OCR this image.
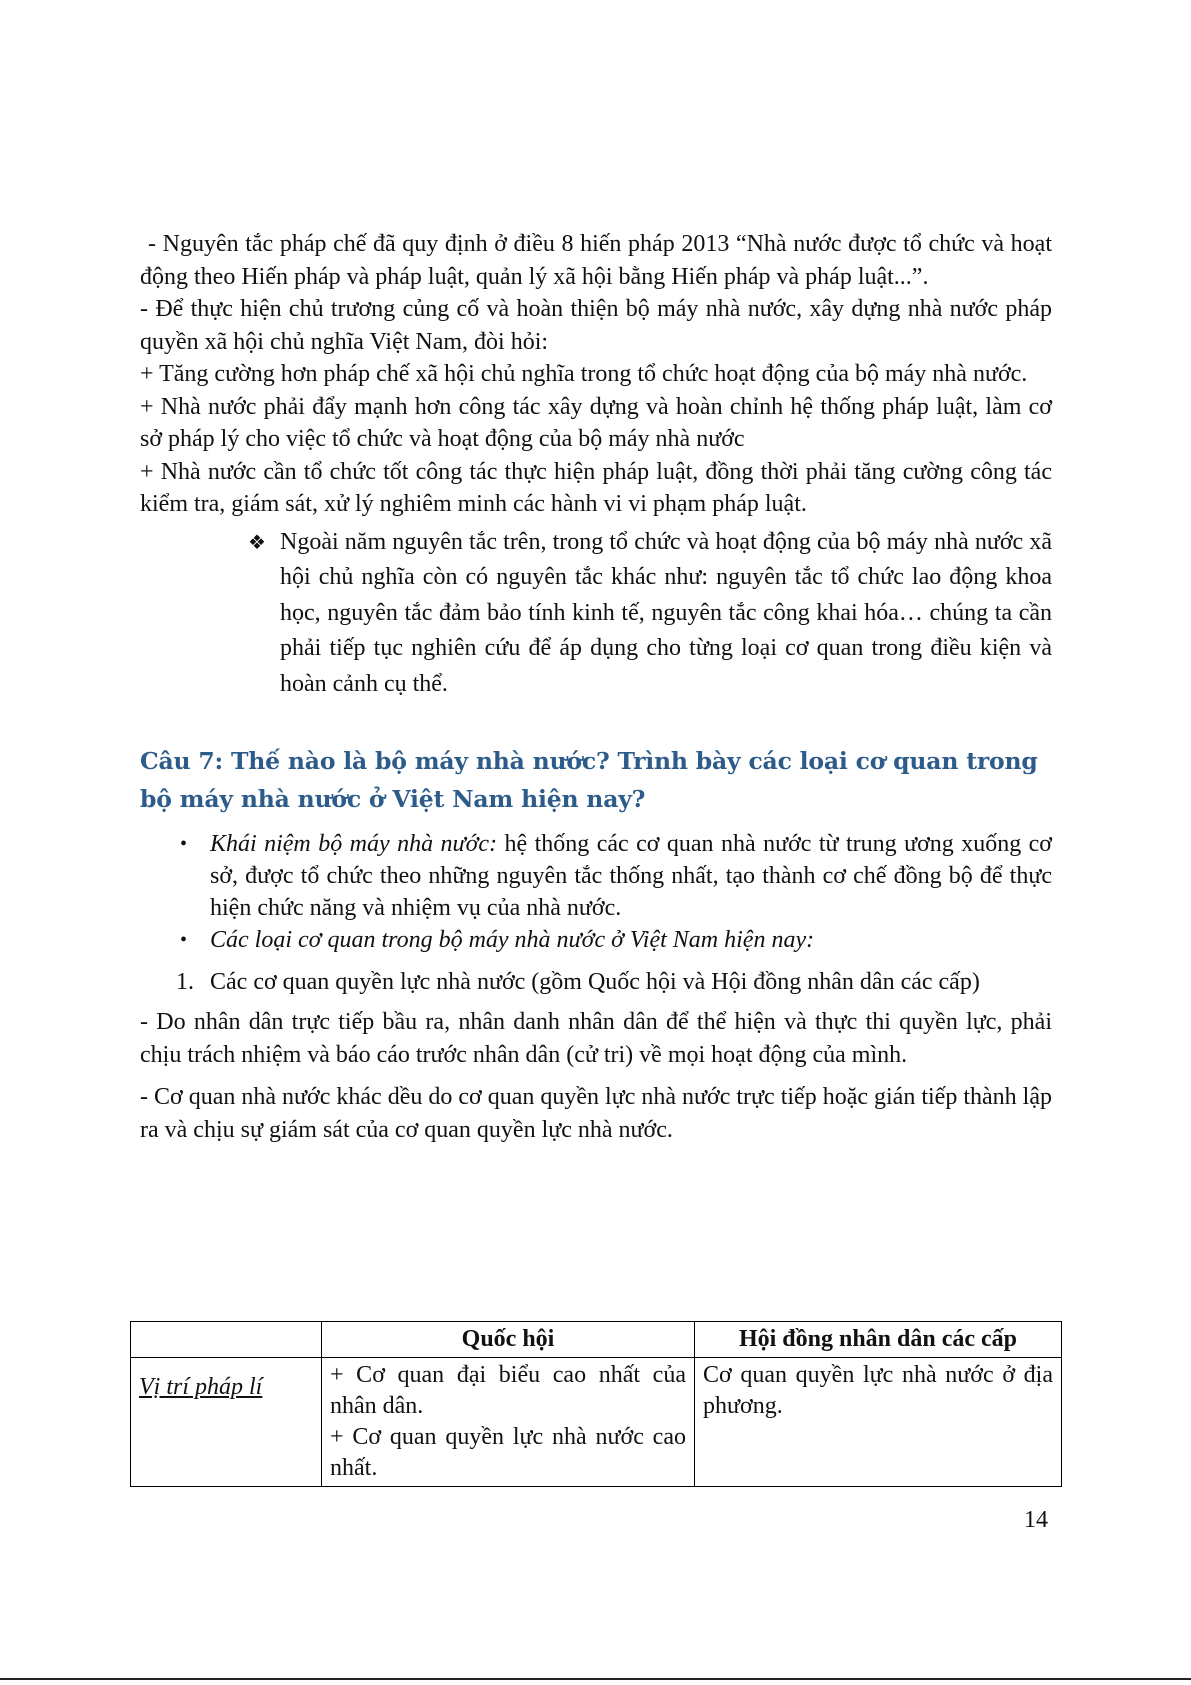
- Nguyên tắc pháp chế đã quy định ở điều 8 hiến pháp 2013 “Nhà nước được tổ chức và hoạt động theo Hiến pháp và pháp luật, quản lý xã hội bằng Hiến pháp và pháp luật...”.

- Để thực hiện chủ trương củng cố và hoàn thiện bộ máy nhà nước, xây dựng nhà nước pháp quyền xã hội chủ nghĩa Việt Nam, đòi hỏi:

+ Tăng cường hơn pháp chế xã hội chủ nghĩa trong tổ chức hoạt động của bộ máy nhà nước.

+ Nhà nước phải đẩy mạnh hơn công tác xây dựng và hoàn chỉnh hệ thống pháp luật, làm cơ sở pháp lý cho việc tổ chức và hoạt động của bộ máy nhà nước

+ Nhà nước cần tổ chức tốt công tác thực hiện pháp luật, đồng thời phải tăng cường công tác kiểm tra, giám sát, xử lý nghiêm minh các hành vi vi phạm pháp luật.

❖ Ngoài năm nguyên tắc trên, trong tổ chức và hoạt động của bộ máy nhà nước xã hội chủ nghĩa còn có nguyên tắc khác như: nguyên tắc tổ chức lao động khoa học, nguyên tắc đảm bảo tính kinh tế, nguyên tắc công khai hóa… chúng ta cần phải tiếp tục nghiên cứu để áp dụng cho từng loại cơ quan trong điều kiện và hoàn cảnh cụ thể.
Câu 7: Thế nào là bộ máy nhà nước? Trình bày các loại cơ quan trong bộ máy nhà nước ở Việt Nam hiện nay?
• Khái niệm bộ máy nhà nước: hệ thống các cơ quan nhà nước từ trung ương xuống cơ sở, được tổ chức theo những nguyên tắc thống nhất, tạo thành cơ chế đồng bộ để thực hiện chức năng và nhiệm vụ của nhà nước.
• Các loại cơ quan trong bộ máy nhà nước ở Việt Nam hiện nay:
1. Các cơ quan quyền lực nhà nước (gồm Quốc hội và Hội đồng nhân dân các cấp)

- Do nhân dân trực tiếp bầu ra, nhân danh nhân dân để thể hiện và thực thi quyền lực, phải chịu trách nhiệm và báo cáo trước nhân dân (cử tri) về mọi hoạt động của mình.

- Cơ quan nhà nước khác dều do cơ quan quyền lực nhà nước trực tiếp hoặc gián tiếp thành lập ra và chịu sự giám sát của cơ quan quyền lực nhà nước.

	Quốc hội	Hội đồng nhân dân các cấp
Vị trí pháp lí	+ Cơ quan đại biểu cao nhất của nhân dân.
+ Cơ quan quyền lực nhà nước cao nhất.	Cơ quan quyền lực nhà nước ở địa phương.
14
